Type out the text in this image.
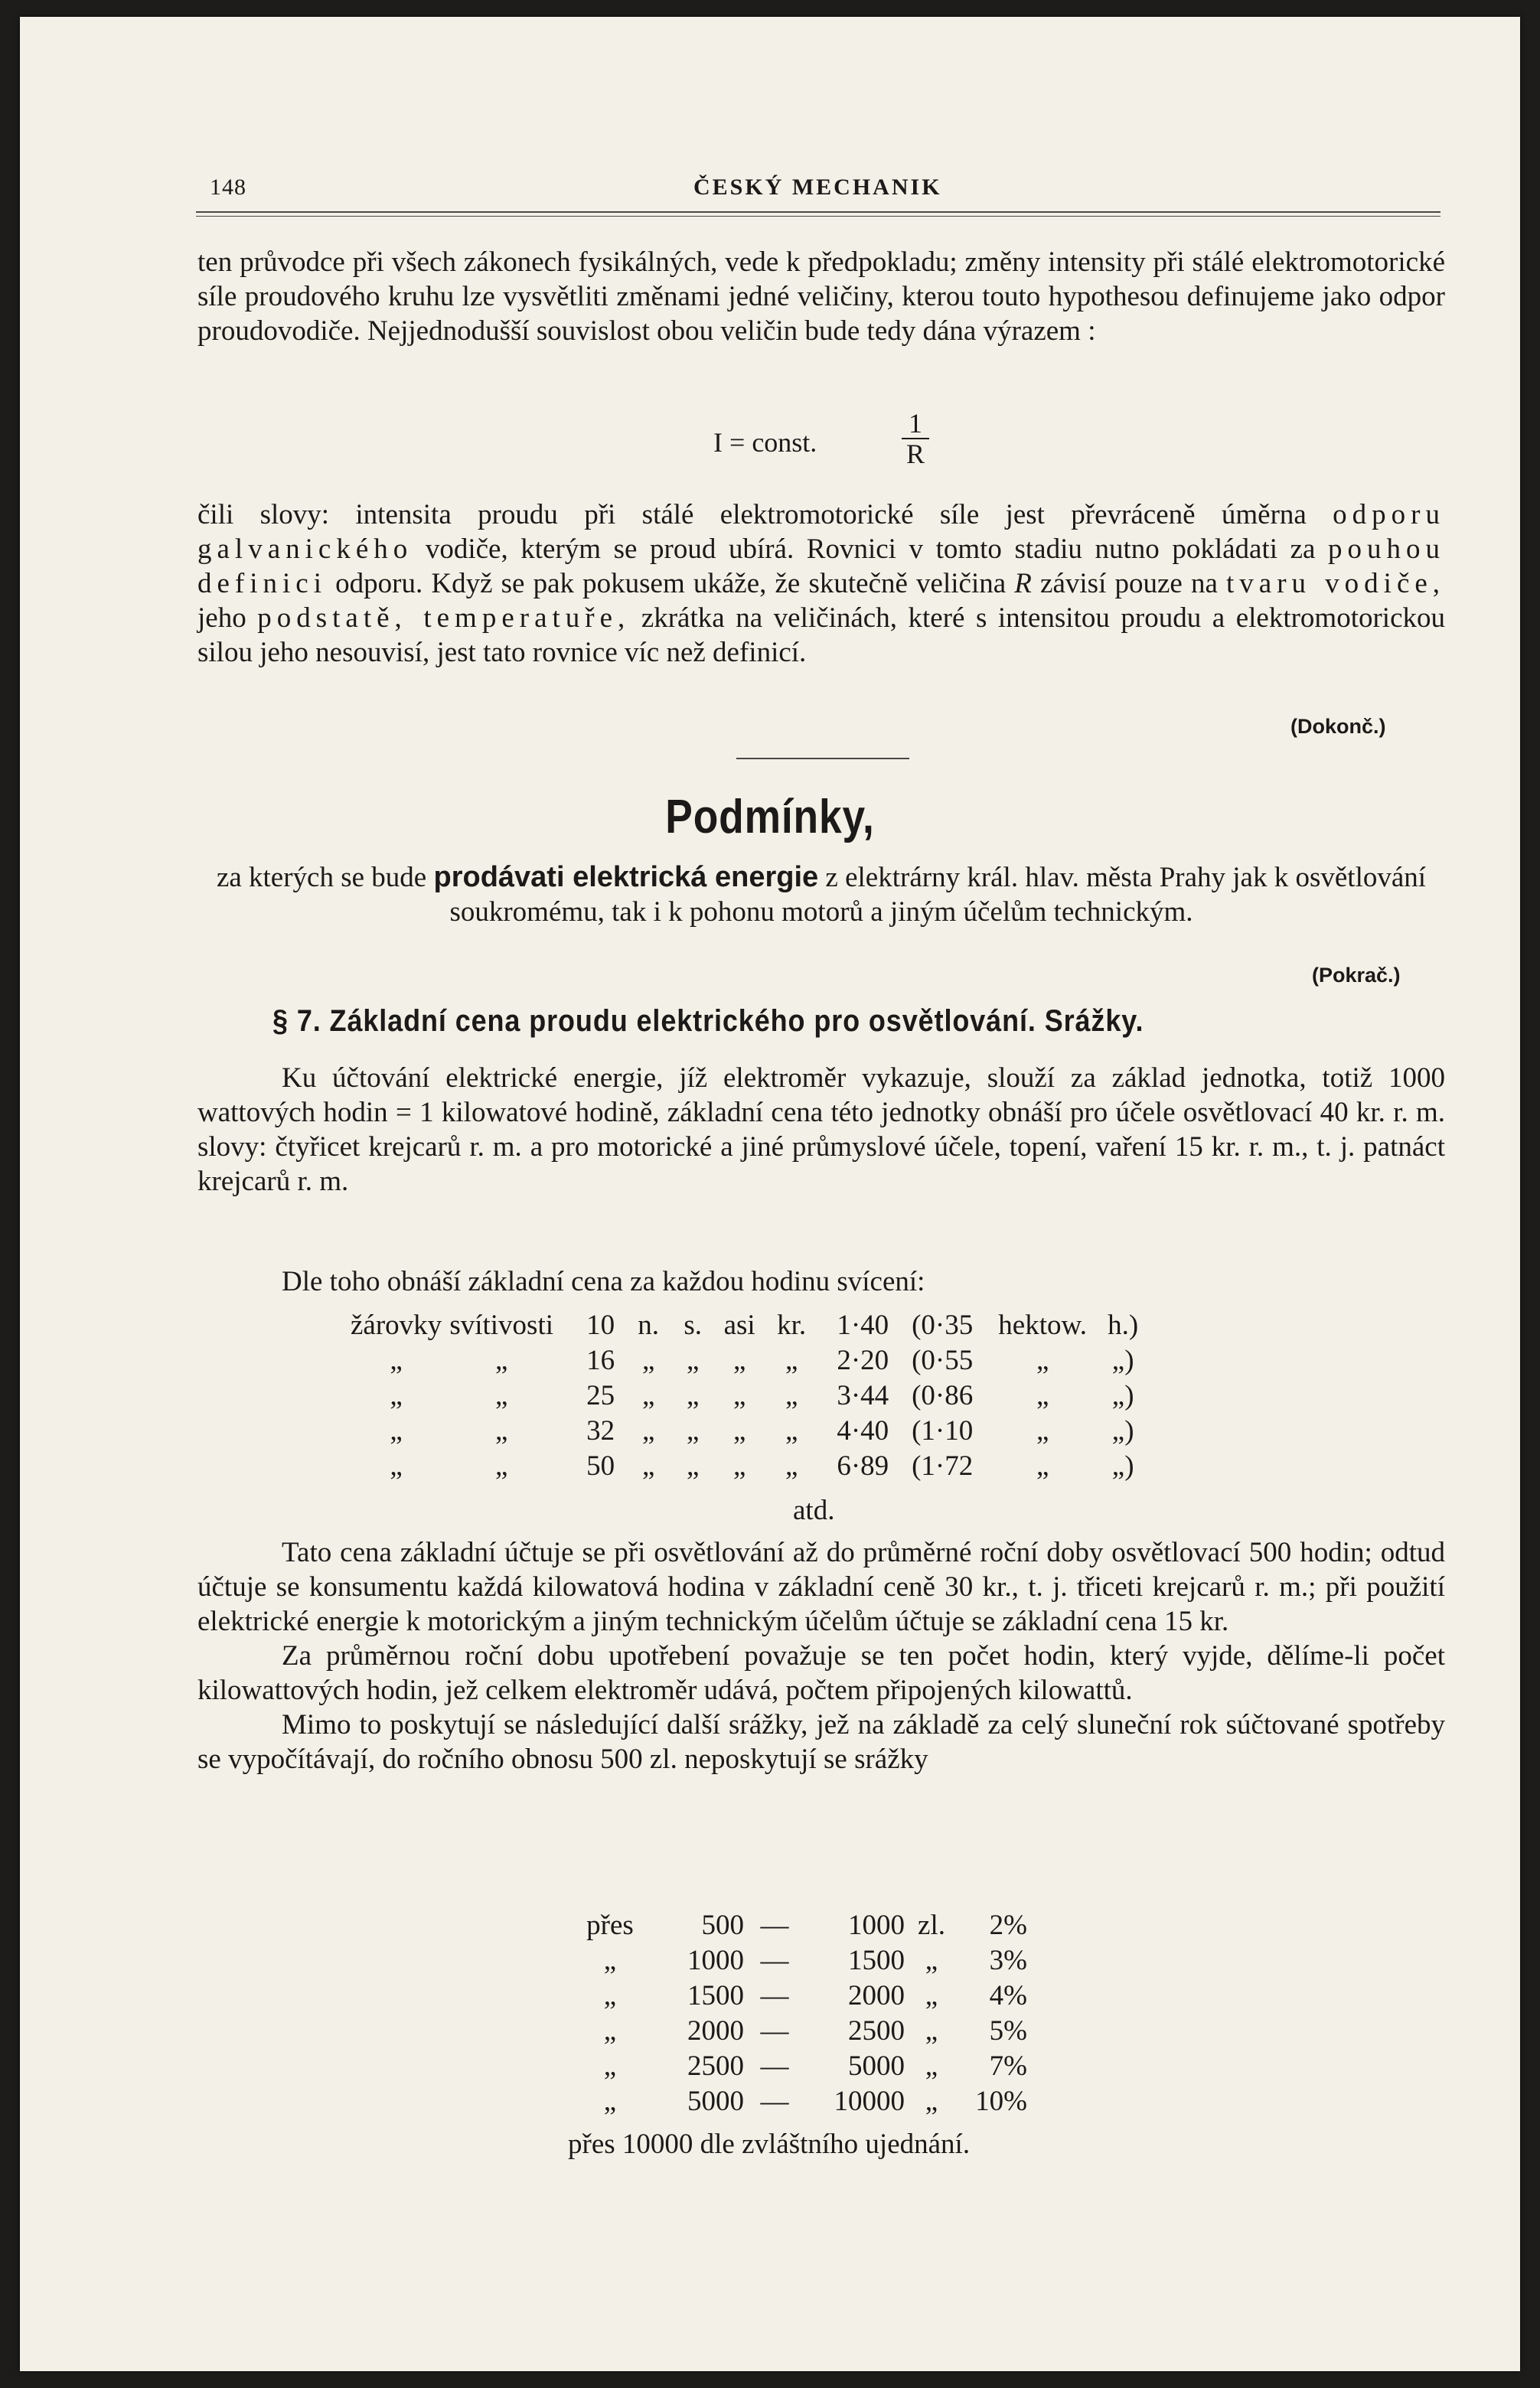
148	ČESKÝ MECHANIK

ten průvodce při všech zákonech fysikálných, vede k předpokladu; změny intensity při stálé elektromotorické síle proudového kruhu lze vysvětliti změnami jedné veličiny, kterou touto hypothesou definujeme jako odpor proudovodiče. Nejjednodušší souvislost obou veličin bude tedy dána výrazem :

I = const.
1
R

čili slovy: intensita proudu při stálé elektromotorické síle jest převráceně úměrna odporu galvanického vodiče, kterým se proud ubírá. Rovnici v tomto stadiu nutno pokládati za pouhou definici odporu. Když se pak pokusem ukáže, že skutečně veličina R závisí pouze na tvaru vodiče, jeho podstatě, temperatuře, zkrátka na veličinách, které s intensitou proudu a elektromotorickou silou jeho nesouvisí, jest tato rovnice víc než definicí.

(Dokonč.)
Podmínky,
za kterých se bude prodávati elektrická energie z elektrárny král. hlav. města Prahy jak k osvětlování soukromému, tak i k pohonu motorů a jiným účelům technickým.
(Pokrač.)
§ 7. Základní cena proudu elektrického pro osvětlování. Srážky.

Ku účtování elektrické energie, jíž elektroměr vykazuje, slouží za základ jednotka, totiž 1000 wattových hodin = 1 kilowatové hodině, základní cena této jednotky obnáší pro účele osvětlovací 40 kr. r. m. slovy: čtyřicet krejcarů r. m. a pro motorické a jiné průmyslové účele, topení, vaření 15 kr. r. m., t. j. patnáct krejcarů r. m.

Dle toho obnáší základní cena za každou hodinu svícení:

žárovky	svítivosti	10	n.	s.	asi	kr.	1·40	(0·35	hektow.	h.)
„	„	16	„	„	„	„	2·20	(0·55	„	„)
„	„	25	„	„	„	„	3·44	(0·86	„	„)
„	„	32	„	„	„	„	4·40	(1·10	„	„)
„	„	50	„	„	„	„	6·89	(1·72	„	„)
atd.

Tato cena základní účtuje se při osvětlování až do průměrné roční doby osvětlovací 500 hodin; odtud účtuje se konsumentu každá kilowatová hodina v základní ceně 30 kr., t. j. třiceti krejcarů r. m.; při použití elektrické energie k motorickým a jiným technickým účelům účtuje se základní cena 15 kr.

Za průměrnou roční dobu upotřebení považuje se ten počet hodin, který vyjde, dělíme-li počet kilowattových hodin, jež celkem elektroměr udává, počtem připojených kilowattů.

Mimo to poskytují se následující další srážky, jež na základě za celý sluneční rok súčtované spotřeby se vypočítávají, do ročního obnosu 500 zl. neposkytují se srážky

přes	500	—	1000	zl.	2%
„	1000	—	1500	„	3%
„	1500	—	2000	„	4%
„	2000	—	2500	„	5%
„	2500	—	5000	„	7%
„	5000	—	10000	„	10%
přes 10000 dle zvláštního ujednání.
